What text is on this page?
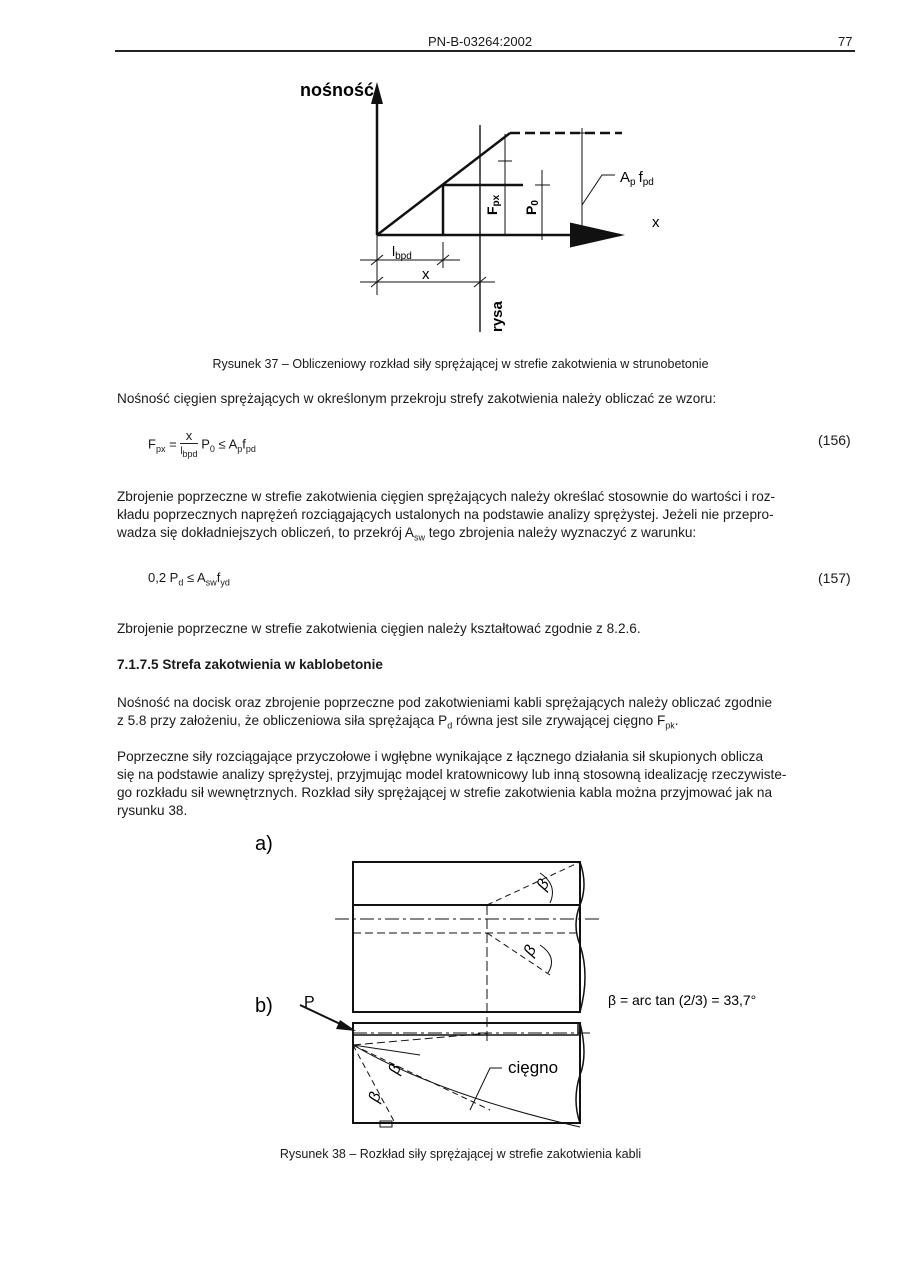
PN-B-03264:2002	77
nośność
x
Fpx
P0
$A_p$ $f_{pd}$
$l_{bpd}$
x
rysa
Rysunek 37 – Obliczeniowy rozkład siły sprężającej w strefie zakotwienia w strunobetonie
Nośność cięgien sprężających w określonym przekroju strefy zakotwienia należy obliczać ze wzoru:
$F_{px} = \frac{x}{l_{bpd}} P_0 \le A_pf_{pd}$
(156)
Zbrojenie poprzeczne w strefie zakotwienia cięgien sprężających należy określać stosownie do wartości i roz-
kładu poprzecznych naprężeń rozciągających ustalonych na podstawie analizy sprężystej. Jeżeli nie przepro-
wadza się dokładniejszych obliczeń, to przekrój $A_{sw}$ tego zbrojenia należy wyznaczyć z warunku:
0,2 $P_d \le A_{sw}f_{yd}$	(157)
Zbrojenie poprzeczne w strefie zakotwienia cięgien należy kształtować zgodnie z 8.2.6.
7.1.7.5 Strefa zakotwienia w kablobetonie
Nośność na docisk oraz zbrojenie poprzeczne pod zakotwieniami kabli sprężających należy obliczać zgodnie
z 5.8 przy założeniu, że obliczeniowa siła sprężająca $P_d$ równa jest sile zrywającej cięgno $F_{pk}$.
Poprzeczne siły rozciągające przyczołowe i wgłębne wynikające z łącznego działania sił skupionych oblicza
się na podstawie analizy sprężystej, przyjmując model kratownicowy lub inną stosowną idealizację rzeczywiste-
go rozkładu sił wewnętrznych. Rozkład siły sprężającej w strefie zakotwienia kabla można przyjmować jak na
rysunku 38.
a)
b)
β
β
P
β
β
cięgno
β = arc tan (2/3) = 33,7°
Rysunek 38 – Rozkład siły sprężającej w strefie zakotwienia kabli
